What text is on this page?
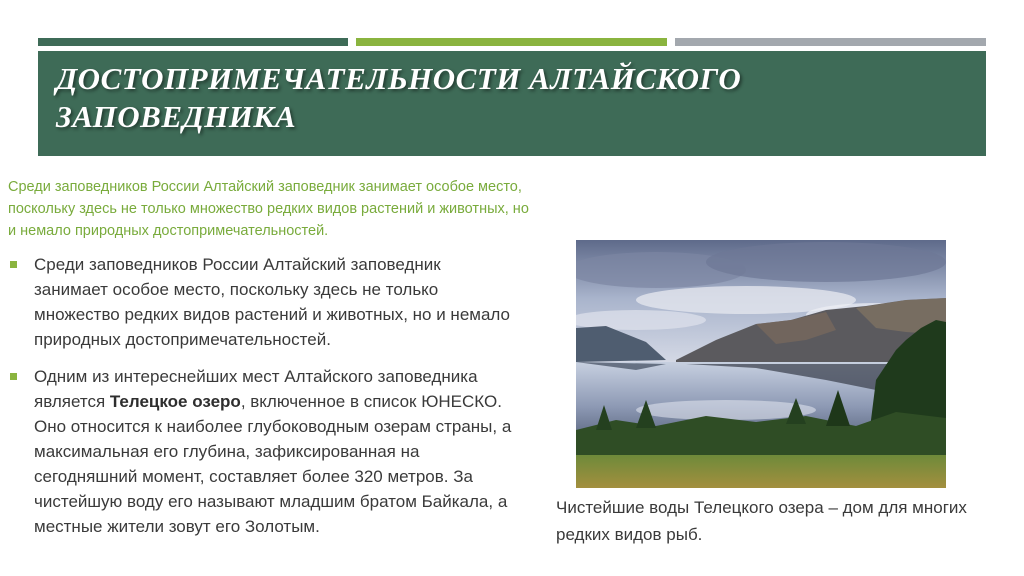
ДОСТОПРИМЕЧАТЕЛЬНОСТИ АЛТАЙСКОГО ЗАПОВЕДНИКА

Среди заповедников России Алтайский заповедник занимает особое место, поскольку здесь не только множество редких видов растений и животных, но и немало природных достопримечательностей.

Среди заповедников России Алтайский заповедник занимает особое место, поскольку здесь не только множество редких видов растений и животных, но и немало природных достопримечательностей.
Одним из интереснейших мест Алтайского заповедника является Телецкое озеро, включенное в список ЮНЕСКО. Оно относится к наиболее глубоководным озерам страны, а максимальная его глубина, зафиксированная на сегодняшний момент, составляет более 320 метров. За чистейшую воду его называют младшим братом Байкала, а местные жители зовут его Золотым.

Чистейшие воды Телецкого озера – дом для многих редких видов рыб.
